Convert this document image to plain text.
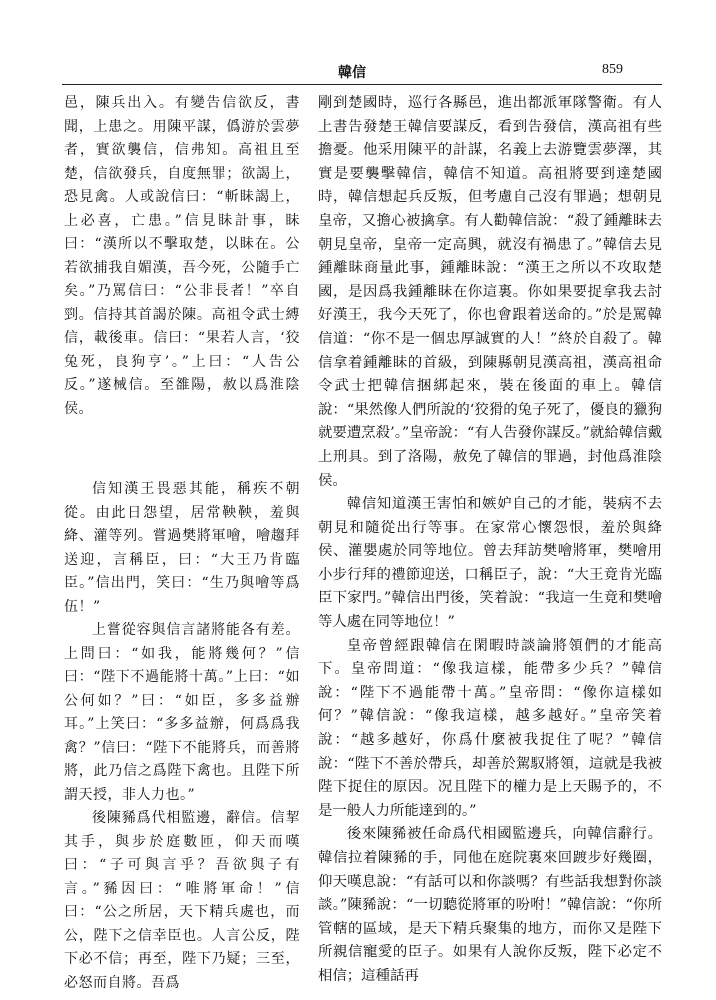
韓信	859

邑，陳兵出入。有變告信欲反，書聞，上患之。用陳平謀，僞游於雲夢者，實欲襲信，信弗知。高祖且至楚，信欲發兵，自度無罪；欲謁上，恐見禽。人或說信曰：“斬眛謁上，上必喜，亡患。”信見眛計事，眛曰：“漢所以不擊取楚，以眛在。公若欲捕我自媚漢，吾今死，公隨手亡矣。”乃罵信曰：“公非長者！”卒自剄。信持其首謁於陳。高祖令武士縛信，載後車。信曰：“果若人言，‘狡兔死，良狗亨’。”上曰：“人告公反。”遂械信。至雒陽，赦以爲淮陰侯。

信知漢王畏惡其能，稱疾不朝從。由此日怨望，居常鞅鞅，羞與絳、灌等列。嘗過樊將軍噲，噲趨拜送迎，言稱臣，曰：“大王乃肯臨臣。”信出門，笑曰：“生乃與噲等爲伍！”

上嘗從容與信言諸將能各有差。上問曰：“如我，能將幾何？”信曰：“陛下不過能將十萬。”上曰：“如公何如？”曰：“如臣，多多益辦耳。”上笑曰：“多多益辦，何爲爲我禽？”信曰：“陛下不能將兵，而善將將，此乃信之爲陛下禽也。且陛下所謂天授，非人力也。”

後陳豨爲代相監邊，辭信。信挈其手，與步於庭數匝，仰天而嘆曰：“子可與言乎？吾欲與子有言。”豨因曰：“唯將軍命！”信曰：“公之所居，天下精兵處也，而公，陛下之信幸臣也。人言公反，陛下必不信；再至，陛下乃疑；三至，必怒而自將。吾爲

剛到楚國時，巡行各縣邑，進出都派軍隊警衛。有人上書告發楚王韓信要謀反，看到告發信，漢高祖有些擔憂。他采用陳平的計謀，名義上去游覽雲夢澤，其實是要襲擊韓信，韓信不知道。高祖將要到達楚國時，韓信想起兵反叛，但考慮自己沒有罪過；想朝見皇帝，又擔心被擒拿。有人勸韓信說：“殺了鍾離眛去朝見皇帝，皇帝一定高興，就沒有禍患了。”韓信去見鍾離眛商量此事，鍾離眛說：“漢王之所以不攻取楚國，是因爲我鍾離眛在你這裏。你如果要捉拿我去討好漢王，我今天死了，你也會跟着送命的。”於是罵韓信道：“你不是一個忠厚誠實的人！”終於自殺了。韓信拿着鍾離眛的首級，到陳縣朝見漢高祖，漢高祖命令武士把韓信捆綁起來，裝在後面的車上。韓信說：“果然像人們所說的‘狡猾的兔子死了，優良的獵狗就要遭烹殺’。”皇帝說：“有人告發你謀反。”就給韓信戴上刑具。到了洛陽，赦免了韓信的罪過，封他爲淮陰侯。

韓信知道漢王害怕和嫉妒自己的才能，裝病不去朝見和隨從出行等事。在家常心懷怨恨，羞於與絳侯、灌嬰處於同等地位。曾去拜訪樊噲將軍，樊噲用小步行拜的禮節迎送，口稱臣子，說：“大王竟肯光臨臣下家門。”韓信出門後，笑着說：“我這一生竟和樊噲等人處在同等地位！”

皇帝曾經跟韓信在閑暇時談論將領們的才能高下。皇帝問道：“像我這樣，能帶多少兵？”韓信說：“陛下不過能帶十萬。”皇帝問：“像你這樣如何？”韓信說：“像我這樣，越多越好。”皇帝笑着說：“越多越好，你爲什麼被我捉住了呢？”韓信說：“陛下不善於帶兵，却善於駕馭將領，這就是我被陛下捉住的原因。况且陛下的權力是上天賜予的，不是一般人力所能達到的。”

後來陳豨被任命爲代相國監邊兵，向韓信辭行。韓信拉着陳豨的手，同他在庭院裏來回踱步好幾圈，仰天嘆息說：“有話可以和你談嗎？有些話我想對你談談。”陳豨說：“一切聽從將軍的吩咐！”韓信說：“你所管轄的區域，是天下精兵聚集的地方，而你又是陛下所親信寵愛的臣子。如果有人說你反叛，陛下必定不相信；這種話再
